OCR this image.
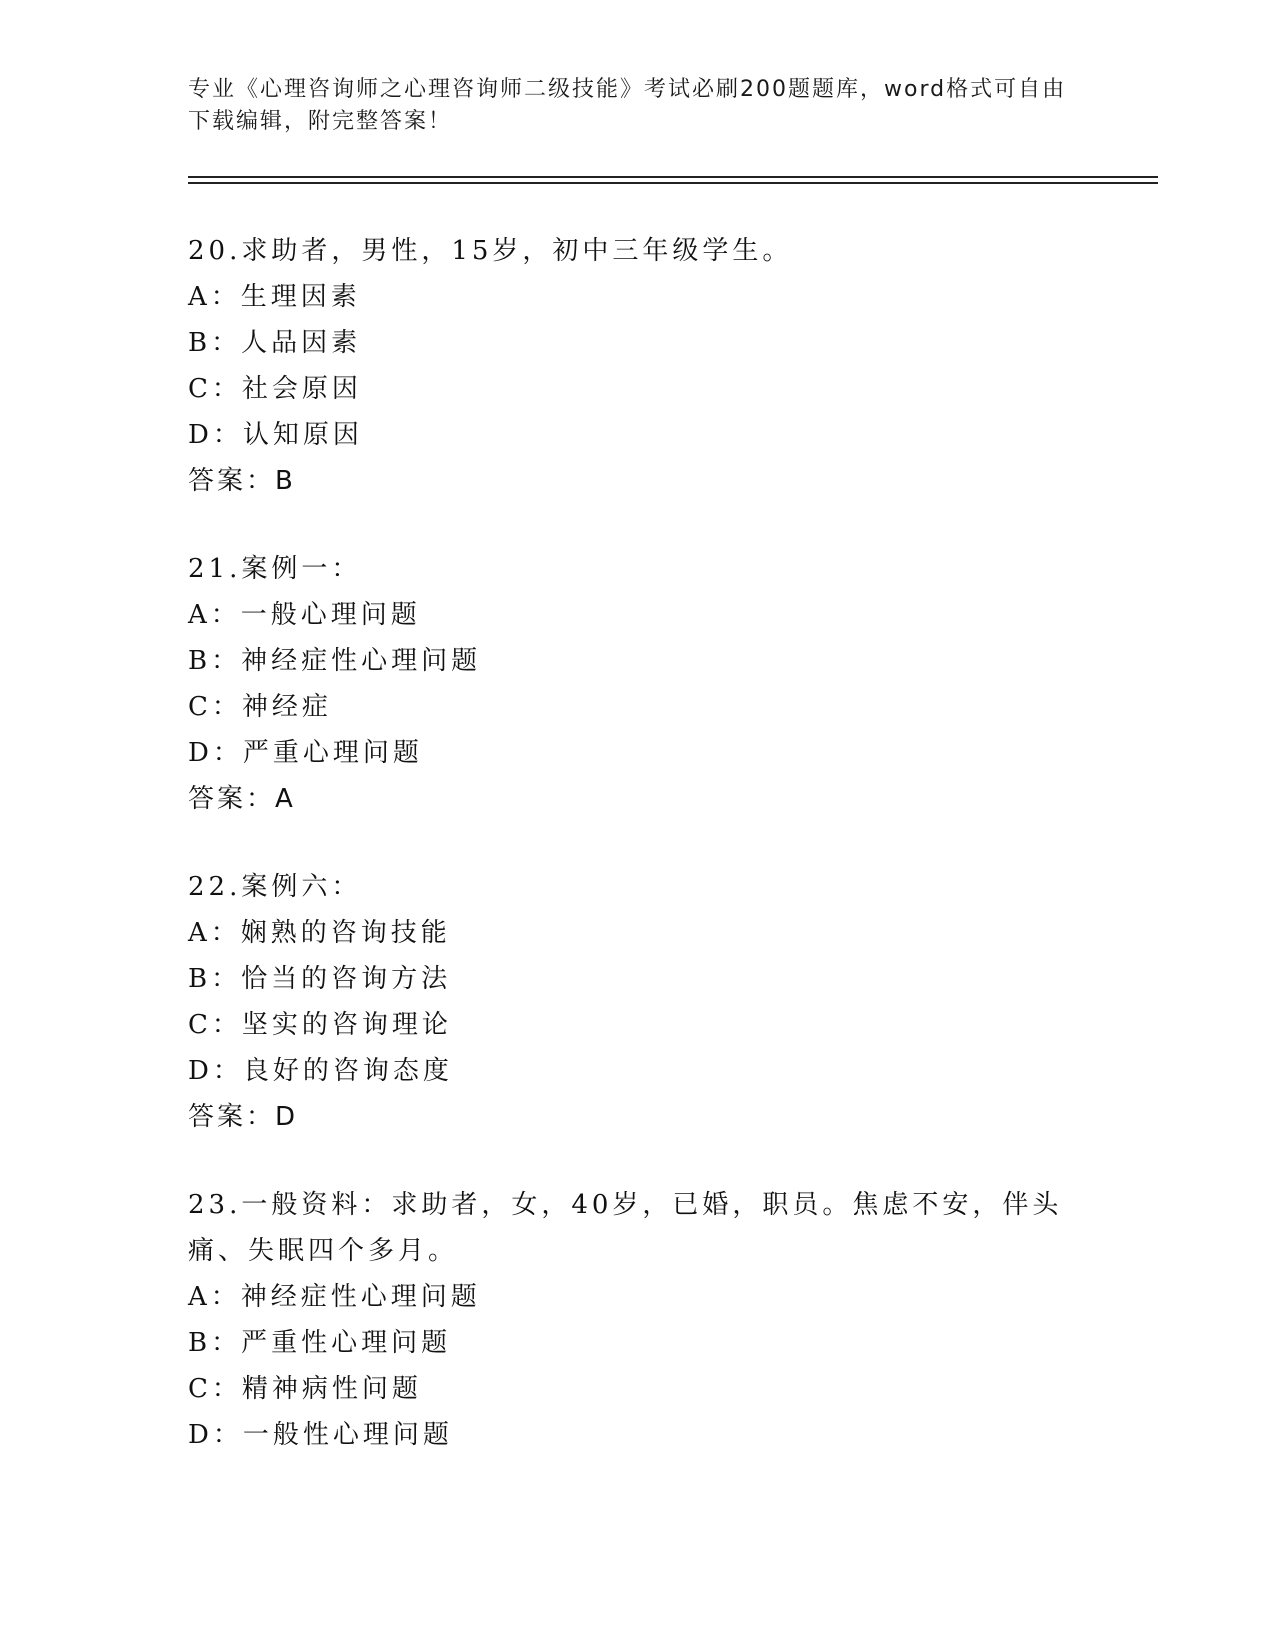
专业《心理咨询师之心理咨询师二级技能》考试必刷200题题库，word格式可自由下载编辑，附完整答案！

20.求助者，男性，15岁，初中三年级学生。

A：生理因素

B：人品因素

C：社会原因

D：认知原因

答案：B

21.案例一：

A：一般心理问题

B：神经症性心理问题

C：神经症

D：严重心理问题

答案：A

22.案例六：

A：娴熟的咨询技能

B：恰当的咨询方法

C：坚实的咨询理论

D：良好的咨询态度

答案：D

23.一般资料：求助者，女，40岁，已婚，职员。焦虑不安，伴头痛、失眠四个多月。

A：神经症性心理问题

B：严重性心理问题

C：精神病性问题

D：一般性心理问题
